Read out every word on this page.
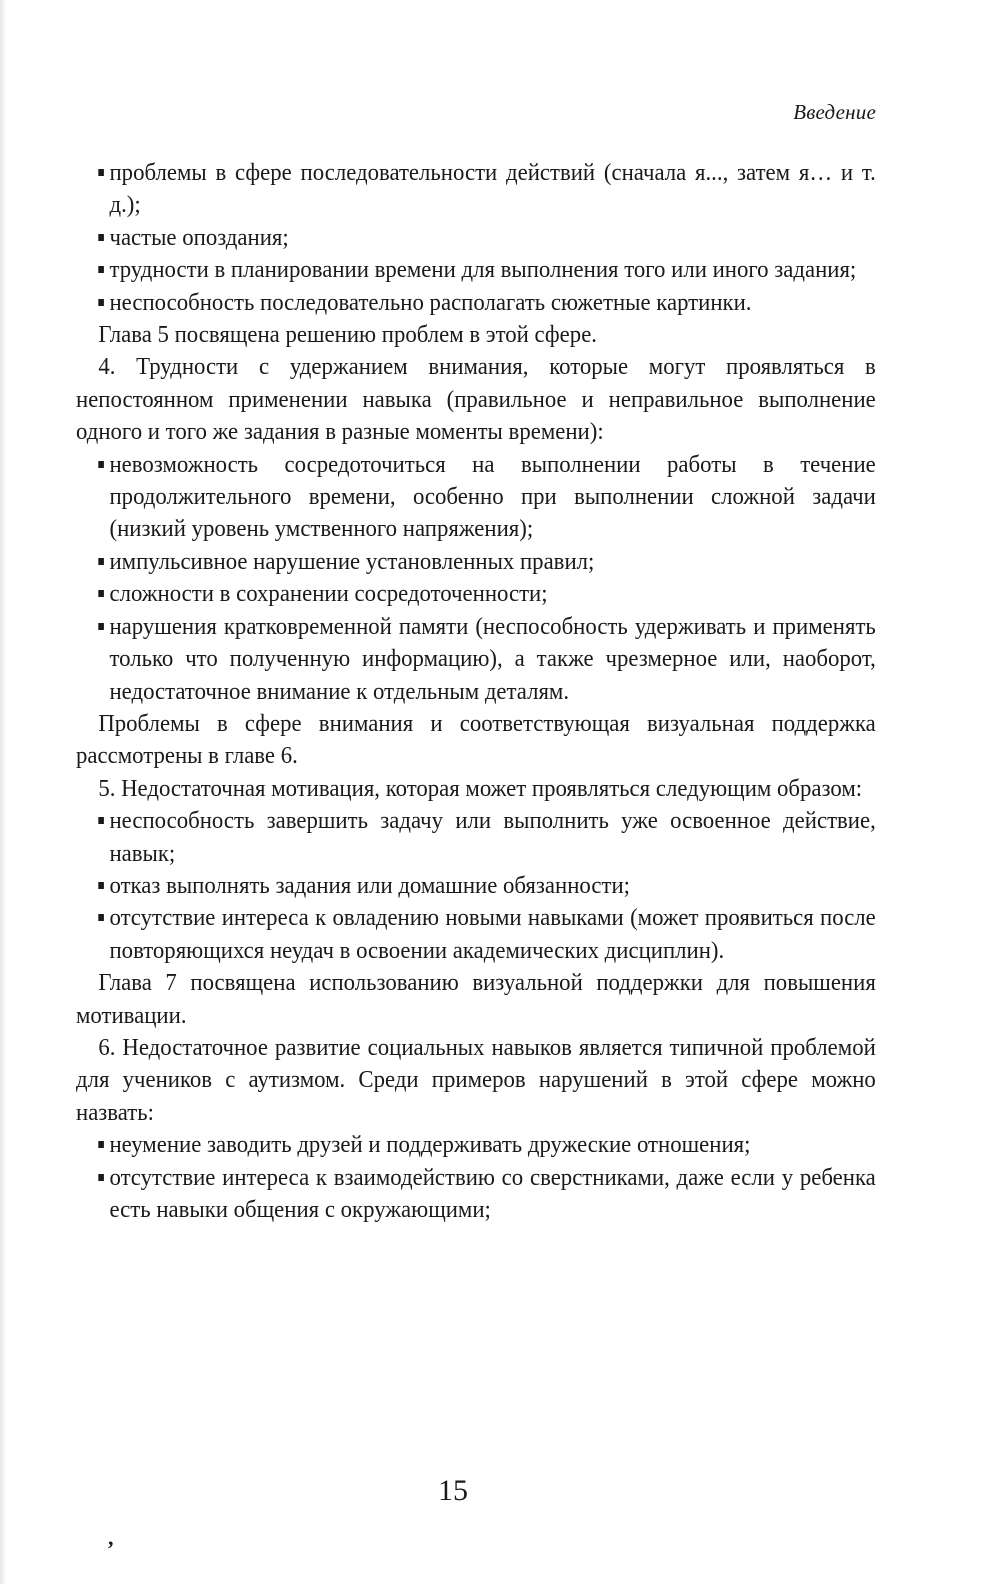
Введение
проблемы в сфере последовательности действий (сначала я..., затем я… и т. д.);
частые опоздания;
трудности в планировании времени для выполнения того или иного задания;
неспособность последовательно располагать сюжетные картинки.

Глава 5 посвящена решению проблем в этой сфере.

4. Трудности с удержанием внимания, которые могут проявляться в непостоянном применении навыка (правильное и неправильное выполнение одного и того же задания в разные моменты времени):

невозможность сосредоточиться на выполнении работы в течение продолжительного времени, особенно при выполнении сложной задачи (низкий уровень умственного напряжения);
импульсивное нарушение установленных правил;
сложности в сохранении сосредоточенности;
нарушения кратковременной памяти (неспособность удерживать и применять только что полученную информацию), а также чрезмерное или, наоборот, недостаточное внимание к отдельным деталям.

Проблемы в сфере внимания и соответствующая визуальная поддержка рассмотрены в главе 6.

5. Недостаточная мотивация, которая может проявляться следующим образом:

неспособность завершить задачу или выполнить уже освоенное действие, навык;
отказ выполнять задания или домашние обязанности;
отсутствие интереса к овладению новыми навыками (может проявиться после повторяющихся неудач в освоении академических дисциплин).

Глава 7 посвящена использованию визуальной поддержки для повышения мотивации.

6. Недостаточное развитие социальных навыков является типичной проблемой для учеников с аутизмом. Среди примеров нарушений в этой сфере можно назвать:

неумение заводить друзей и поддерживать дружеские отношения;
отсутствие интереса к взаимодействию со сверстниками, даже если у ребенка есть навыки общения с окружающими;
15
,
